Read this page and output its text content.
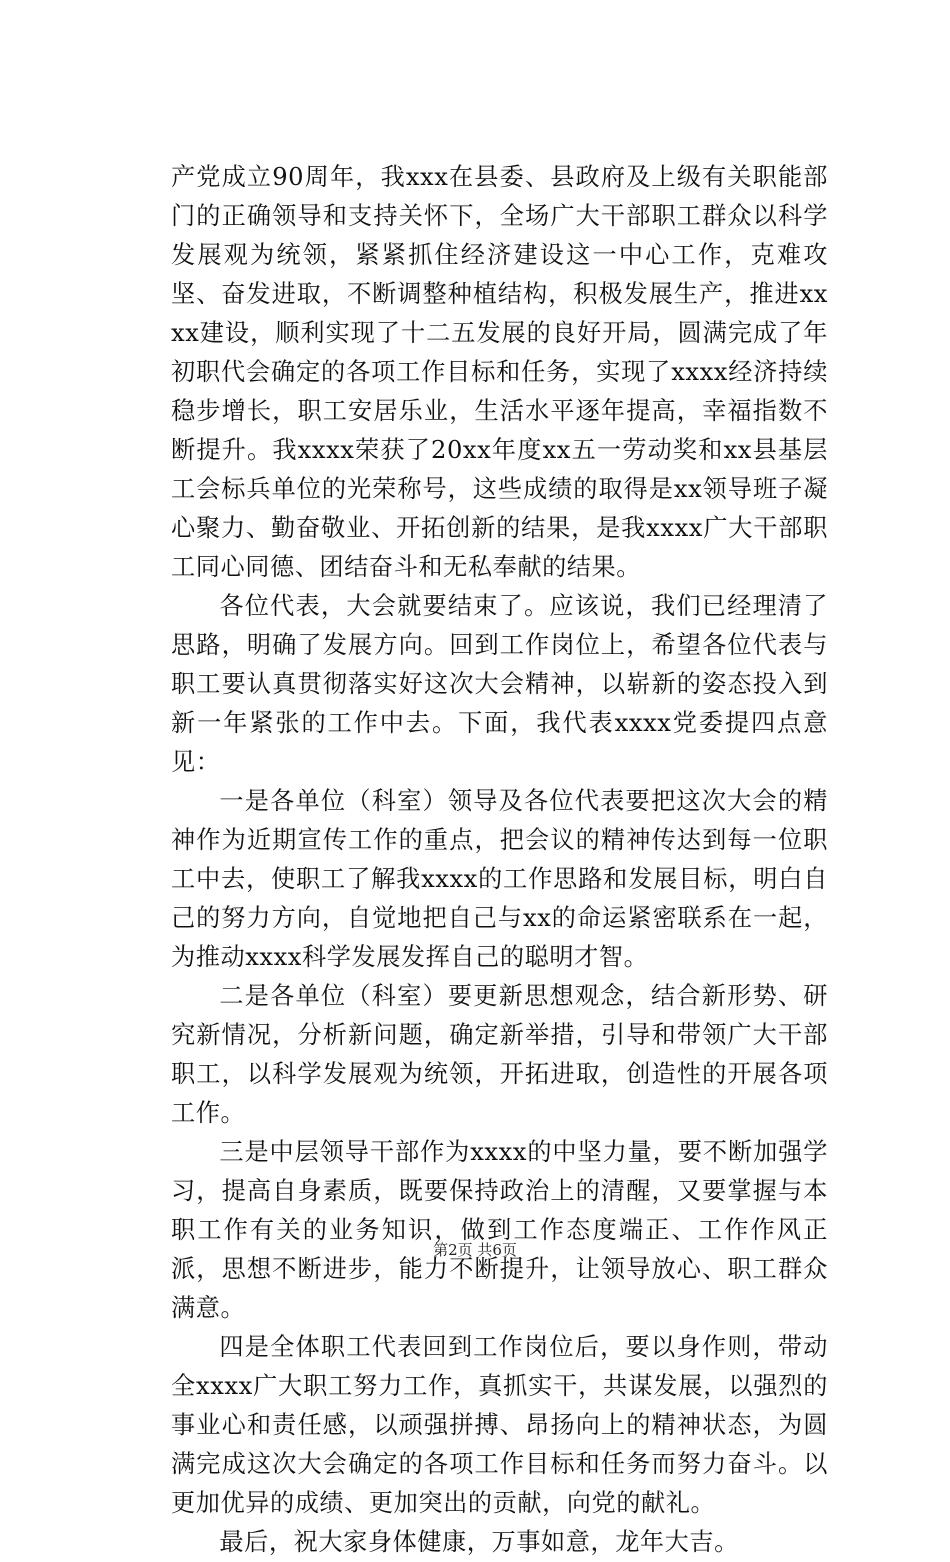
产党成立90周年，我xxx在县委、县政府及上级有关职能部门的正确领导和支持关怀下，全场广大干部职工群众以科学发展观为统领，紧紧抓住经济建设这一中心工作，克难攻坚、奋发进取，不断调整种植结构，积极发展生产，推进xxxx建设，顺利实现了十二五发展的良好开局，圆满完成了年初职代会确定的各项工作目标和任务，实现了xxxx经济持续稳步增长，职工安居乐业，生活水平逐年提高，幸福指数不断提升。我xxxx荣获了20xx年度xx五一劳动奖和xx县基层工会标兵单位的光荣称号，这些成绩的取得是xx领导班子凝心聚力、勤奋敬业、开拓创新的结果，是我xxxx广大干部职工同心同德、团结奋斗和无私奉献的结果。

各位代表，大会就要结束了。应该说，我们已经理清了思路，明确了发展方向。回到工作岗位上，希望各位代表与职工要认真贯彻落实好这次大会精神，以崭新的姿态投入到新一年紧张的工作中去。下面，我代表xxxx党委提四点意见：

一是各单位（科室）领导及各位代表要把这次大会的精神作为近期宣传工作的重点，把会议的精神传达到每一位职工中去，使职工了解我xxxx的工作思路和发展目标，明白自己的努力方向，自觉地把自己与xx的命运紧密联系在一起，为推动xxxx科学发展发挥自己的聪明才智。

二是各单位（科室）要更新思想观念，结合新形势、研究新情况，分析新问题，确定新举措，引导和带领广大干部职工，以科学发展观为统领，开拓进取，创造性的开展各项工作。

三是中层领导干部作为xxxx的中坚力量，要不断加强学习，提高自身素质，既要保持政治上的清醒，又要掌握与本职工作有关的业务知识，做到工作态度端正、工作作风正派，思想不断进步，能力不断提升，让领导放心、职工群众满意。

四是全体职工代表回到工作岗位后，要以身作则，带动全xxxx广大职工努力工作，真抓实干，共谋发展，以强烈的事业心和责任感，以顽强拼搏、昂扬向上的精神状态，为圆满完成这次大会确定的各项工作目标和任务而努力奋斗。以更加优异的成绩、更加突出的贡献，向党的献礼。

最后，祝大家身体健康，万事如意，龙年大吉。

第2页 共6页
